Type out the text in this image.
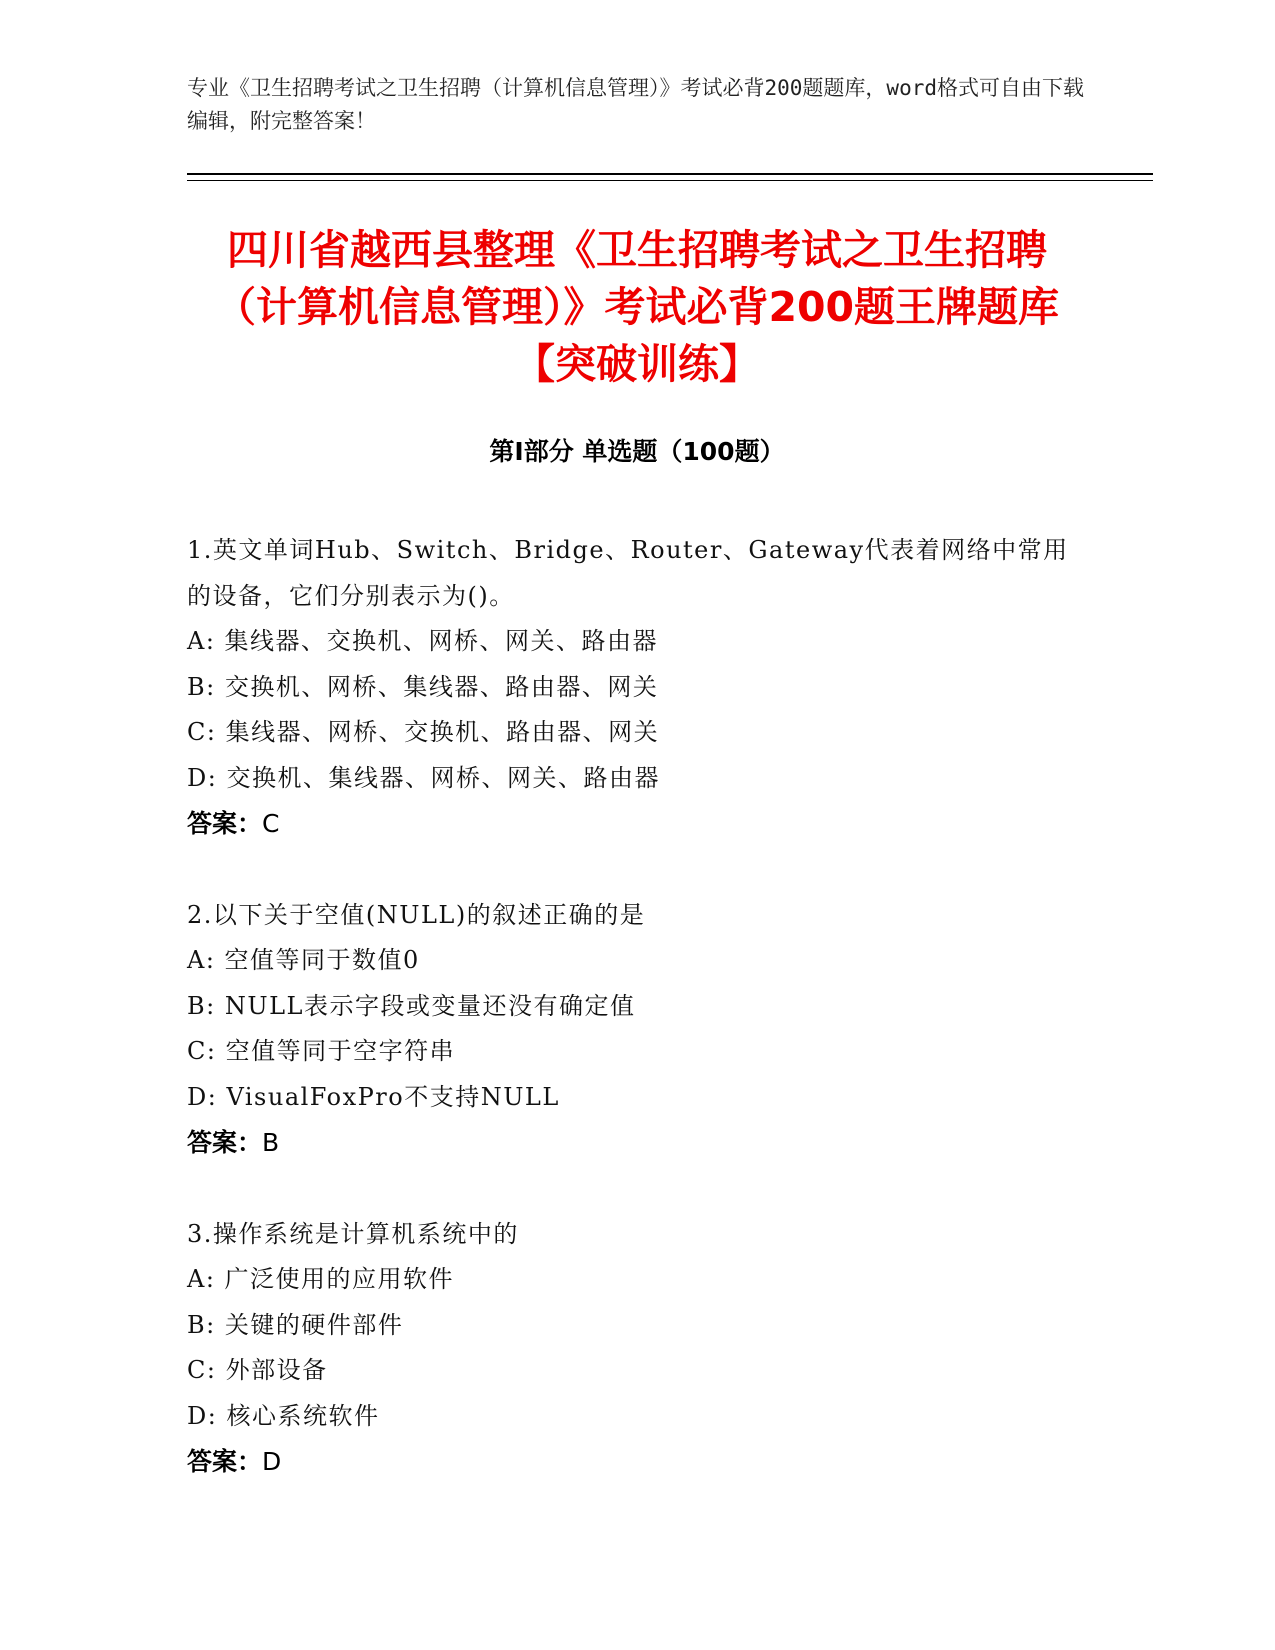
专业《卫生招聘考试之卫生招聘（计算机信息管理）》考试必背200题题库，word格式可自由下载编辑，附完整答案！
四川省越西县整理《卫生招聘考试之卫生招聘（计算机信息管理）》考试必背200题王牌题库【突破训练】
第Ⅰ部分 单选题（100题）
1.英文单词Hub、Switch、Bridge、Router、Gateway代表着网络中常用的设备，它们分别表示为()。
A: 集线器、交换机、网桥、网关、路由器
B: 交换机、网桥、集线器、路由器、网关
C: 集线器、网桥、交换机、路由器、网关
D: 交换机、集线器、网桥、网关、路由器
答案：C
2.以下关于空值(NULL)的叙述正确的是
A: 空值等同于数值0
B: NULL表示字段或变量还没有确定值
C: 空值等同于空字符串
D: VisualFoxPro不支持NULL
答案：B
3.操作系统是计算机系统中的
A: 广泛使用的应用软件
B: 关键的硬件部件
C: 外部设备
D: 核心系统软件
答案：D
